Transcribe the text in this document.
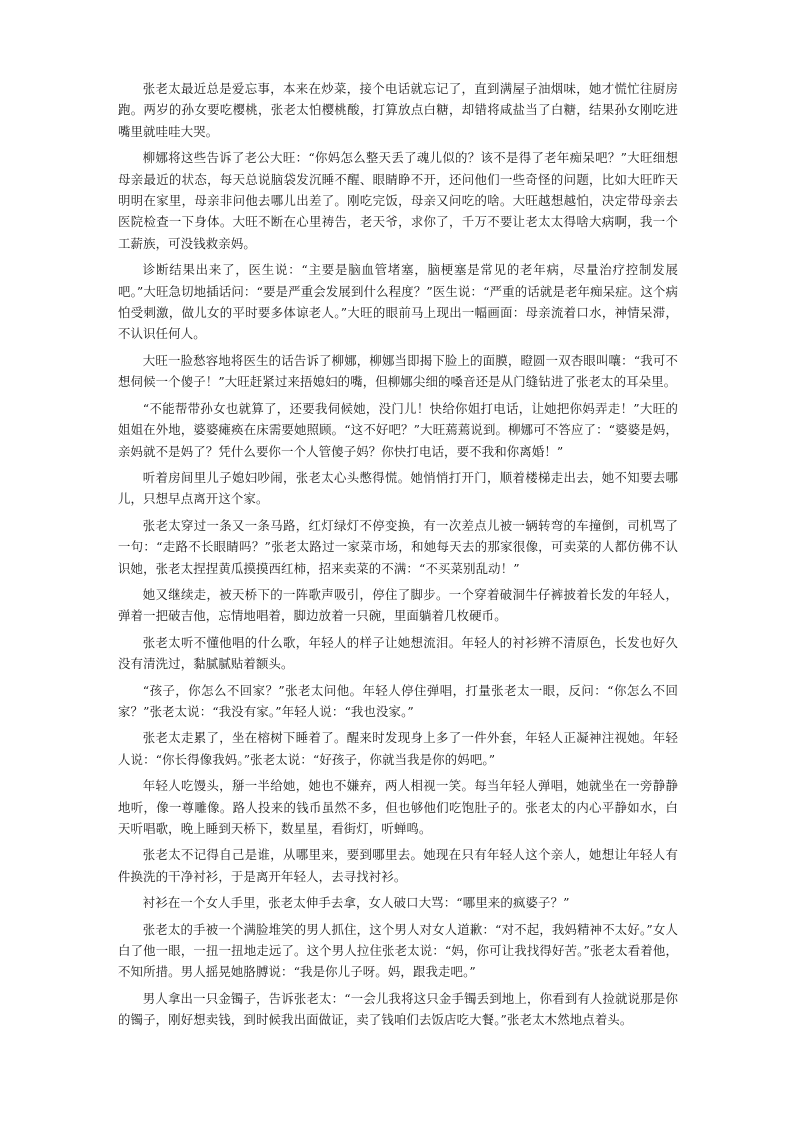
张老太最近总是爱忘事，本来在炒菜，接个电话就忘记了，直到满屋子油烟味，她才慌忙往厨房跑。两岁的孙女要吃樱桃，张老太怕樱桃酸，打算放点白糖，却错将咸盐当了白糖，结果孙女刚吃进嘴里就哇哇大哭。

柳娜将这些告诉了老公大旺：“你妈怎么整天丢了魂儿似的？该不是得了老年痴呆吧？”大旺细想母亲最近的状态，每天总说脑袋发沉睡不醒、眼睛睁不开，还问他们一些奇怪的问题，比如大旺昨天明明在家里，母亲非问他去哪儿出差了。刚吃完饭，母亲又问吃的啥。大旺越想越怕，决定带母亲去医院检查一下身体。大旺不断在心里祷告，老天爷，求你了，千万不要让老太太得啥大病啊，我一个工薪族，可没钱救亲妈。

诊断结果出来了，医生说：“主要是脑血管堵塞，脑梗塞是常见的老年病，尽量治疗控制发展吧。”大旺急切地插话问：“要是严重会发展到什么程度？”医生说：“严重的话就是老年痴呆症。这个病怕受刺激，做儿女的平时要多体谅老人。”大旺的眼前马上现出一幅画面：母亲流着口水，神情呆滞，不认识任何人。

大旺一脸愁容地将医生的话告诉了柳娜，柳娜当即揭下脸上的面膜，瞪圆一双杏眼叫嚷：“我可不想伺候一个傻子！”大旺赶紧过来捂媳妇的嘴，但柳娜尖细的嗓音还是从门缝钻进了张老太的耳朵里。

“不能帮带孙女也就算了，还要我伺候她，没门儿！快给你姐打电话，让她把你妈弄走！”大旺的姐姐在外地，婆婆瘫痪在床需要她照顾。“这不好吧？”大旺蔫蔫说到。柳娜可不答应了：“婆婆是妈，亲妈就不是妈了？凭什么要你一个人管傻子妈？你快打电话，要不我和你离婚！”

听着房间里儿子媳妇吵闹，张老太心头憋得慌。她悄悄打开门，顺着楼梯走出去，她不知要去哪儿，只想早点离开这个家。

张老太穿过一条又一条马路，红灯绿灯不停变换，有一次差点儿被一辆转弯的车撞倒，司机骂了一句：“走路不长眼睛吗？”张老太路过一家菜市场，和她每天去的那家很像，可卖菜的人都仿佛不认识她，张老太捏捏黄瓜摸摸西红柿，招来卖菜的不满：“不买菜别乱动！”

她又继续走，被天桥下的一阵歌声吸引，停住了脚步。一个穿着破洞牛仔裤披着长发的年轻人，弹着一把破吉他，忘情地唱着，脚边放着一只碗，里面躺着几枚硬币。

张老太听不懂他唱的什么歌，年轻人的样子让她想流泪。年轻人的衬衫辨不清原色，长发也好久没有清洗过，黏腻腻贴着额头。

“孩子，你怎么不回家？”张老太问他。年轻人停住弹唱，打量张老太一眼，反问：“你怎么不回家？”张老太说：“我没有家。”年轻人说：“我也没家。”

张老太走累了，坐在榕树下睡着了。醒来时发现身上多了一件外套，年轻人正凝神注视她。年轻人说：“你长得像我妈。”张老太说：“好孩子，你就当我是你的妈吧。”

年轻人吃馒头，掰一半给她，她也不嫌弃，两人相视一笑。每当年轻人弹唱，她就坐在一旁静静地听，像一尊雕像。路人投来的钱币虽然不多，但也够他们吃饱肚子的。张老太的内心平静如水，白天听唱歌，晚上睡到天桥下，数星星，看街灯，听蝉鸣。

张老太不记得自己是谁，从哪里来，要到哪里去。她现在只有年轻人这个亲人，她想让年轻人有件换洗的干净衬衫，于是离开年轻人，去寻找衬衫。

衬衫在一个女人手里，张老太伸手去拿，女人破口大骂：“哪里来的疯婆子？”

张老太的手被一个满脸堆笑的男人抓住，这个男人对女人道歉：“对不起，我妈精神不太好。”女人白了他一眼，一扭一扭地走远了。这个男人拉住张老太说：“妈，你可让我找得好苦。”张老太看着他，不知所措。男人摇晃她胳膊说：“我是你儿子呀。妈，跟我走吧。”

男人拿出一只金镯子，告诉张老太：“一会儿我将这只金手镯丢到地上，你看到有人捡就说那是你的镯子，刚好想卖钱，到时候我出面做证，卖了钱咱们去饭店吃大餐。”张老太木然地点着头。
